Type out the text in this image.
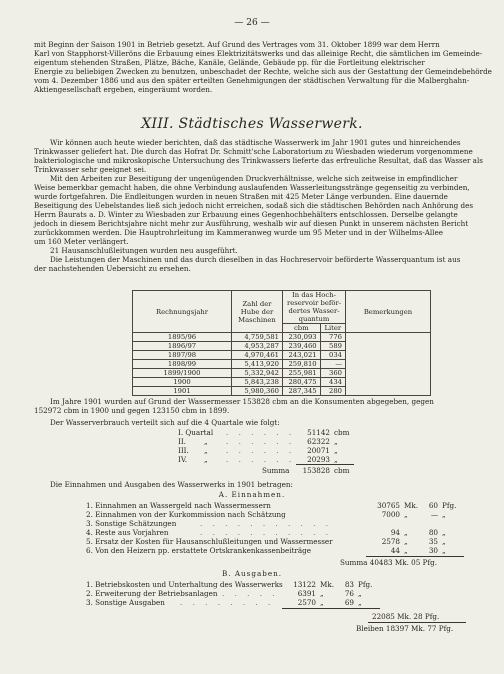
— 26 —
mit Beginn der Saison 1901 in Betrieb gesetzt. Auf Grund des Vertrages vom 31. Oktober 1899 war dem Herrn
Karl von Stapphorst-Villeröns die Erbauung eines Elektrizitätswerks und das alleinige Recht, die sämtlichen im Gemeinde-
eigentum stehenden Straßen, Plätze, Bäche, Kanäle, Gelände, Gebäude pp. für die Fortleitung elektrischer
Energie zu beliebigen Zwecken zu benutzen, unbeschadet der Rechte, welche sich aus der Gestattung der Gemeindebehörde
vom 4. Dezember 1886 und aus den später erteilten Genehmigungen der städtischen Verwaltung für die Malberghahn-
Aktiengesellschaft ergeben, eingeräumt worden.
XIII. Städtisches Wasserwerk.
Wir können auch heute wieder berichten, daß das städtische Wasserwerk im Jahr 1901 gutes und hinreichendes
Trinkwasser geliefert hat. Die durch das Hofrat Dr. Schmitt'sche Laboratorium zu Wiesbaden wiederum vorgenommene
bakteriologische und mikroskopische Untersuchung des Trinkwassers lieferte das erfreuliche Resultat, daß das Wasser als
Trinkwasser sehr geeignet sei.
Mit den Arbeiten zur Beseitigung der ungenügenden Druckverhältnisse, welche sich zeitweise in empfindlicher
Weise bemerkbar gemacht haben, die ohne Verbindung auslaufenden Wasserleitungsstränge gegenseitig zu verbinden,
wurde fortgefahren. Die Endleitungen wurden in neuen Straßen mit 425 Meter Länge verbunden. Eine dauernde
Beseitigung des Uebelstandes ließ sich jedoch nicht erreichen, sodaß sich die städtischen Behörden nach Anhörung des
Herrn Baurats a. D. Winter zu Wiesbaden zur Erbauung eines Gegenhochbehälters entschlossen. Derselbe gelangte
jedoch in diesem Berichtsjahre nicht mehr zur Ausführung, weshalb wir auf diesen Punkt in unserem nächsten Bericht
zurückkommen werden. Die Hauptrohrleitung im Kammeranweg wurde um 95 Meter und in der Wilhelms-Allee
um 160 Meter verlängert.
21 Hausanschlußleitungen wurden neu ausgeführt.
Die Leistungen der Maschinen und das durch dieselben in das Hochreservoir beförderte Wasserquantum ist aus
der nachstehenden Uebersicht zu ersehen.
Rechnungsjahr	Zahl der Hube der Maschinen	In das Hoch-reservoir beför-dertes Wasser-quantum		Bemerkungen
		cbm	Liter	
1895/96	4,759,581	230,093	776	
1896/97	4,953,287	239,460	589	
1897/98	4,970,461	243,021	034	
1898/99	5,413,920	259,810	—	
1899/1900	5,332,942	255,981	360	
1900	5,843,238	280,475	434	
1901	5,980,360	287,345	280	
Im Jahre 1901 wurden auf Grund der Wassermesser 153828 cbm an die Konsumenten abgegeben, gegen
152972 cbm in 1900 und gegen 123150 cbm in 1899.
Der Wasserverbrauch verteilt sich auf die 4 Quartale wie folgt:
I. Quartal . . . . . .	51142 cbm
II.	„	. . . . . .	62322 „
III. „	. . . . . .	20071 „
IV. „	. . . . . .	20293 „
Summa	153828 cbm
Die Einnahmen und Ausgaben des Wasserwerks in 1901 betragen:
A. Einnahmen.
1. Einnahmen an Wassergeld nach Wassermessern	30765 Mk.	60 Pfg.
2. Einnahmen von der Kurkommission nach Schätzung	7000 „	— „
3. Sonstige Schätzungen	. . . . . . . . . . .
4. Reste aus Vorjahren	. . . . . . . . . . .	94 „	80 „
5. Ersatz der Kosten für Hausanschlußleitungen und Wassermesser	2578 „	35 „
6. Von den Heizern pp. erstattete Ortskrankenkassenbeiträge	44 „	30 „
Summa 40483 Mk. 05 Pfg.
B. Ausgaben.
1. Betriebskosten und Unterhaltung des Wasserwerks	13122 Mk.	83 Pfg.
2. Erweiterung der Betriebsanlagen . . . . .	6391 „	76 „
3. Sonstige Ausgaben . . . . . . . .	2570 „	69 „
22085 Mk. 28 Pfg.
Bleiben 18397 Mk. 77 Pfg.
